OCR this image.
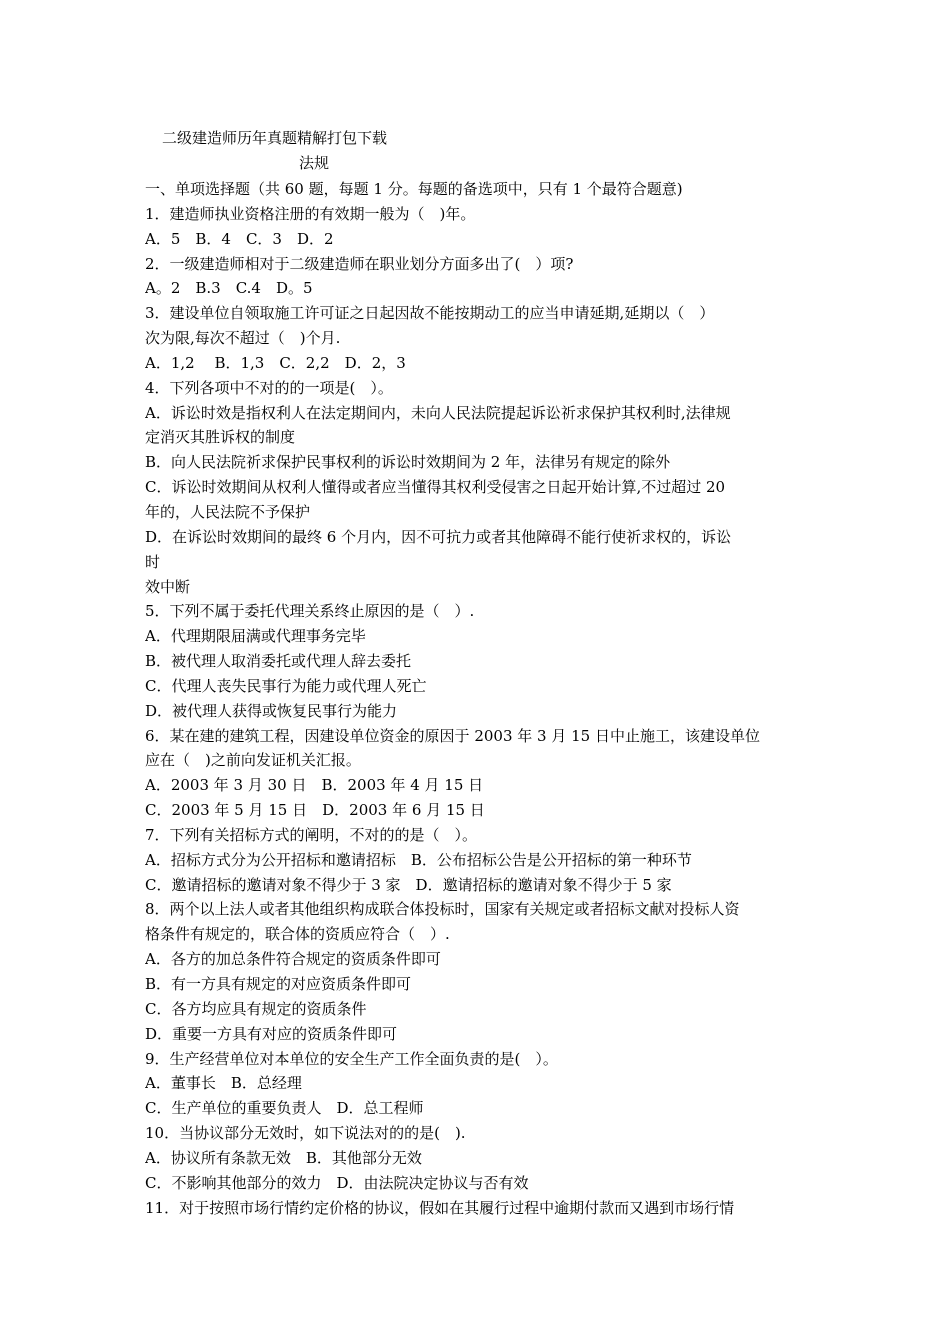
二级建造师历年真题精解打包下载
法规
一、单项选择题（共 60 题，每题 1 分。每题的备选项中，只有 1 个最符合题意)
1．建造师执业资格注册的有效期一般为（　)年。
A．5　B．4　C．3　D．2
2．一级建造师相对于二级建造师在职业划分方面多出了(　）项?
A。2　B.3　C.4　D。5
3．建设单位自领取施工许可证之日起因故不能按期动工的应当申请延期,延期以（　）
次为限,每次不超过（　)个月.
A．1,2　 B．1,3　C．2,2　D．2，3
4．下列各项中不对的的一项是(　）。
A．诉讼时效是指权利人在法定期间内，未向人民法院提起诉讼祈求保护其权利时,法律规
定消灭其胜诉权的制度
B．向人民法院祈求保护民事权利的诉讼时效期间为 2 年，法律另有规定的除外
C．诉讼时效期间从权利人懂得或者应当懂得其权利受侵害之日起开始计算,不过超过 20
年的，人民法院不予保护
D．在诉讼时效期间的最终 6 个月内，因不可抗力或者其他障碍不能行使祈求权的，诉讼
时
效中断
5．下列不属于委托代理关系终止原因的是（　）.
A．代理期限届满或代理事务完毕
B．被代理人取消委托或代理人辞去委托
C．代理人丧失民事行为能力或代理人死亡
D．被代理人获得或恢复民事行为能力
6．某在建的建筑工程，因建设单位资金的原因于 2003 年 3 月 15 日中止施工，该建设单位
应在（　)之前向发证机关汇报。
A．2003 年 3 月 30 日　B．2003 年 4 月 15 日
C．2003 年 5 月 15 日　D．2003 年 6 月 15 日
7．下列有关招标方式的阐明，不对的的是（　）。
A．招标方式分为公开招标和邀请招标　B．公布招标公告是公开招标的第一种环节
C．邀请招标的邀请对象不得少于 3 家　D．邀请招标的邀请对象不得少于 5 家
8．两个以上法人或者其他组织构成联合体投标时，国家有关规定或者招标文献对投标人资
格条件有规定的，联合体的资质应符合（　）.
A．各方的加总条件符合规定的资质条件即可
B．有一方具有规定的对应资质条件即可
C．各方均应具有规定的资质条件
D．重要一方具有对应的资质条件即可
9．生产经营单位对本单位的安全生产工作全面负责的是(　）。
A．董事长　B．总经理
C．生产单位的重要负责人　D．总工程师
10．当协议部分无效时，如下说法对的的是(　).
A．协议所有条款无效　B．其他部分无效
C．不影响其他部分的效力　D．由法院决定协议与否有效
11．对于按照市场行情约定价格的协议，假如在其履行过程中逾期付款而又遇到市场行情
